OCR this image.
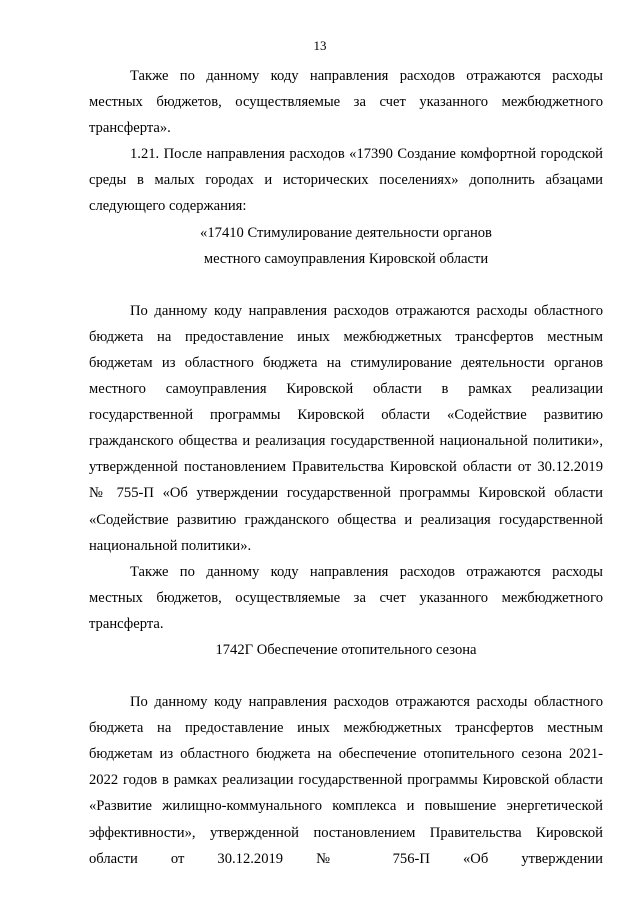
13

Также по данному коду направления расходов отражаются расходы местных бюджетов, осуществляемые за счет указанного межбюджетного трансферта».

1.21. После направления расходов «17390 Создание комфортной городской среды в малых городах и исторических поселениях» дополнить абзацами следующего содержания:

«17410 Стимулирование деятельности органов

местного самоуправления Кировской области

По данному коду направления расходов отражаются расходы областного бюджета на предоставление иных межбюджетных трансфертов местным бюджетам из областного бюджета на стимулирование деятельности органов местного самоуправления Кировской области в рамках реализации государственной программы Кировской области «Содействие развитию гражданского общества и реализация государственной национальной политики», утвержденной постановлением Правительства Кировской области от 30.12.2019 № 755-П «Об утверждении государственной программы Кировской области «Содействие развитию гражданского общества и реализация государственной национальной политики».

Также по данному коду направления расходов отражаются расходы местных бюджетов, осуществляемые за счет указанного межбюджетного трансферта.

1742Г Обеспечение отопительного сезона

По данному коду направления расходов отражаются расходы областного бюджета на предоставление иных межбюджетных трансфертов местным бюджетам из областного бюджета на обеспечение отопительного сезона 2021-2022 годов в рамках реализации государственной программы Кировской области «Развитие жилищно-коммунального комплекса и повышение энергетической эффективности», утвержденной постановлением Правительства Кировской области от 30.12.2019 № 756-П «Об утверждении
